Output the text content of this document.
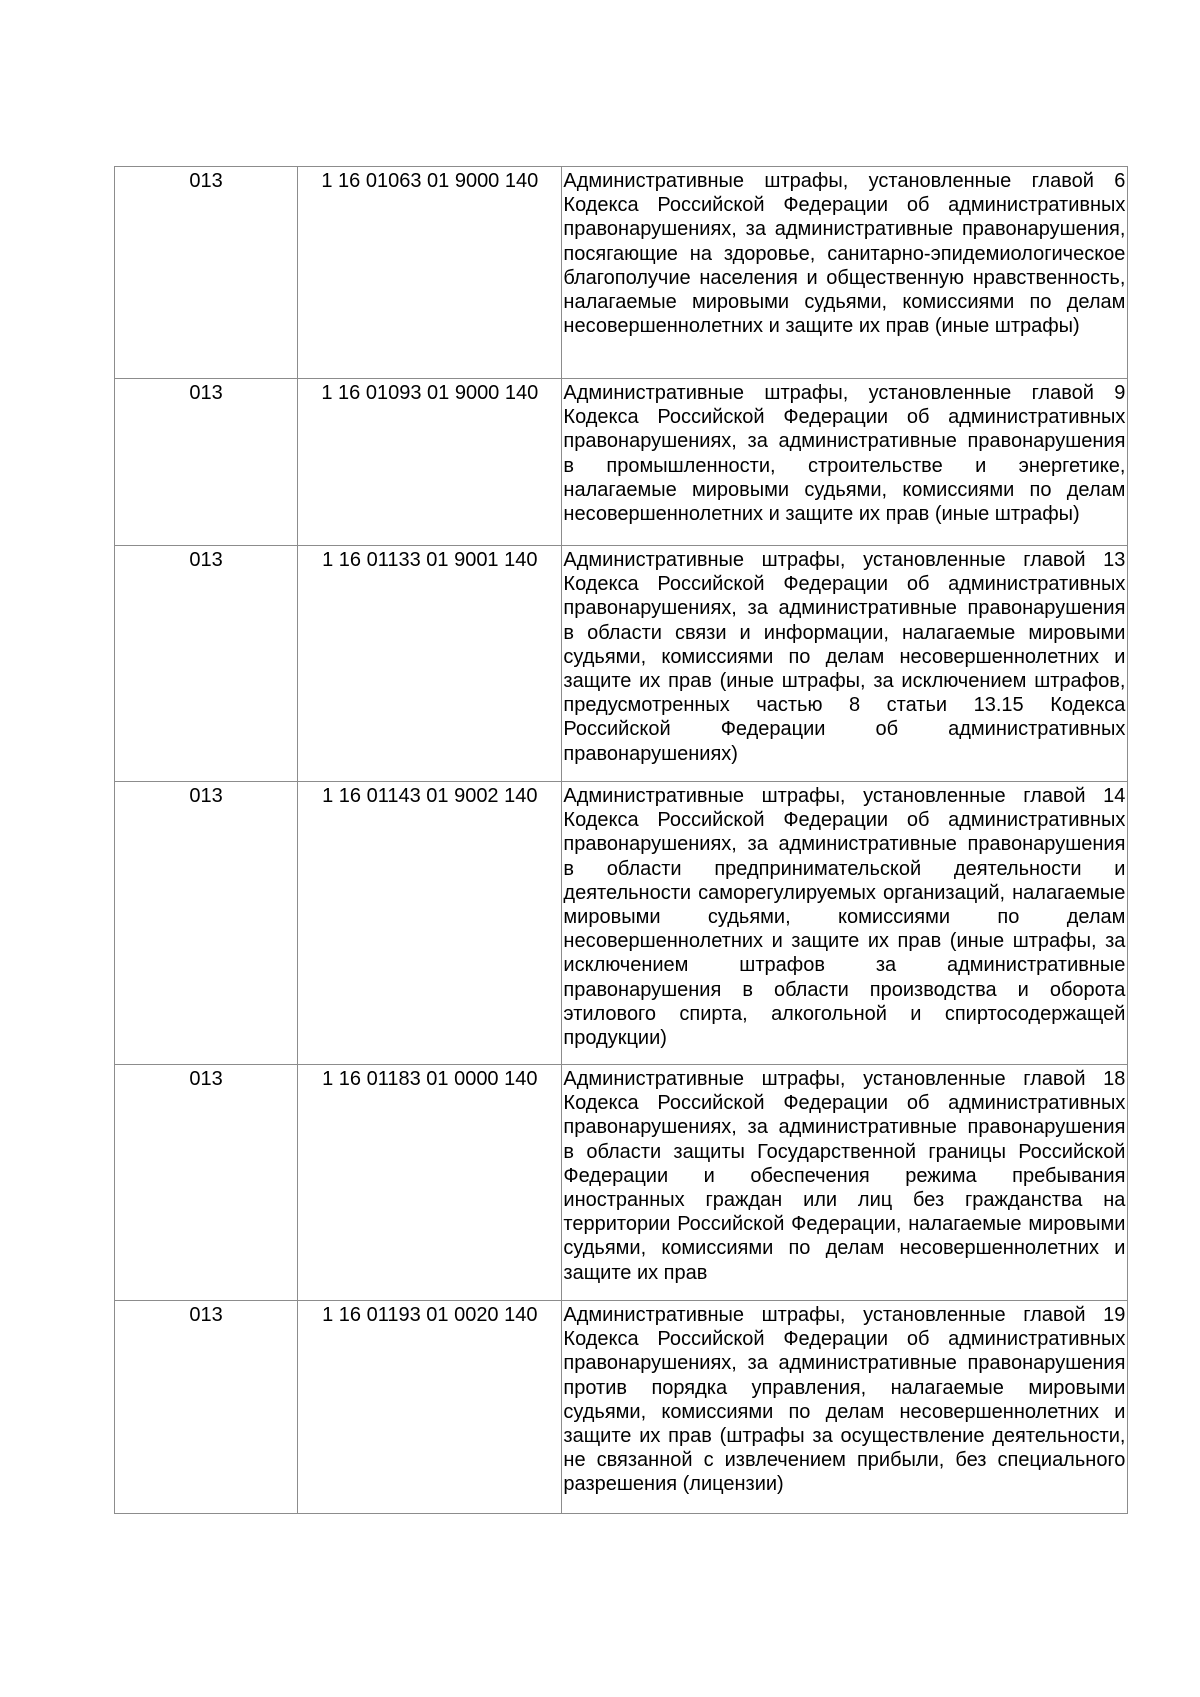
013	1 16 01063 01 9000 140	Административные штрафы, установленные главой 6 Кодекса Российской Федерации об административных правонарушениях, за административные правонарушения, посягающие на здоровье, санитарно-эпидемиологическое благополучие населения и общественную нравственность, налагаемые мировыми судьями, комиссиями по делам несовершеннолетних и защите их прав (иные штрафы)

013	1 16 01093 01 9000 140	Административные штрафы, установленные главой 9 Кодекса Российской Федерации об административных правонарушениях, за административные правонарушения в промышленности, строительстве и энергетике, налагаемые мировыми судьями, комиссиями по делам несовершеннолетних и защите их прав (иные штрафы)

013	1 16 01133 01 9001 140	Административные штрафы, установленные главой 13 Кодекса Российской Федерации об административных правонарушениях, за административные правонарушения в области связи и информации, налагаемые мировыми судьями, комиссиями по делам несовершеннолетних и защите их прав (иные штрафы, за исключением штрафов, предусмотренных частью 8 статьи 13.15 Кодекса Российской Федерации об административных правонарушениях)

013	1 16 01143 01 9002 140	Административные штрафы, установленные главой 14 Кодекса Российской Федерации об административных правонарушениях, за административные правонарушения в области предпринимательской деятельности и деятельности саморегулируемых организаций, налагаемые мировыми судьями, комиссиями по делам несовершеннолетних и защите их прав (иные штрафы, за исключением штрафов за административные правонарушения в области производства и оборота этилового спирта, алкогольной и спиртосодержащей продукции)

013	1 16 01183 01 0000 140	Административные штрафы, установленные главой 18 Кодекса Российской Федерации об административных правонарушениях, за административные правонарушения в области защиты Государственной границы Российской Федерации и обеспечения режима пребывания иностранных граждан или лиц без гражданства на территории Российской Федерации, налагаемые мировыми судьями, комиссиями по делам несовершеннолетних и защите их прав

013	1 16 01193 01 0020 140	Административные штрафы, установленные главой 19 Кодекса Российской Федерации об административных правонарушениях, за административные правонарушения против порядка управления, налагаемые мировыми судьями, комиссиями по делам несовершеннолетних и защите их прав (штрафы за осуществление деятельности, не связанной с извлечением прибыли, без специального разрешения (лицензии)
